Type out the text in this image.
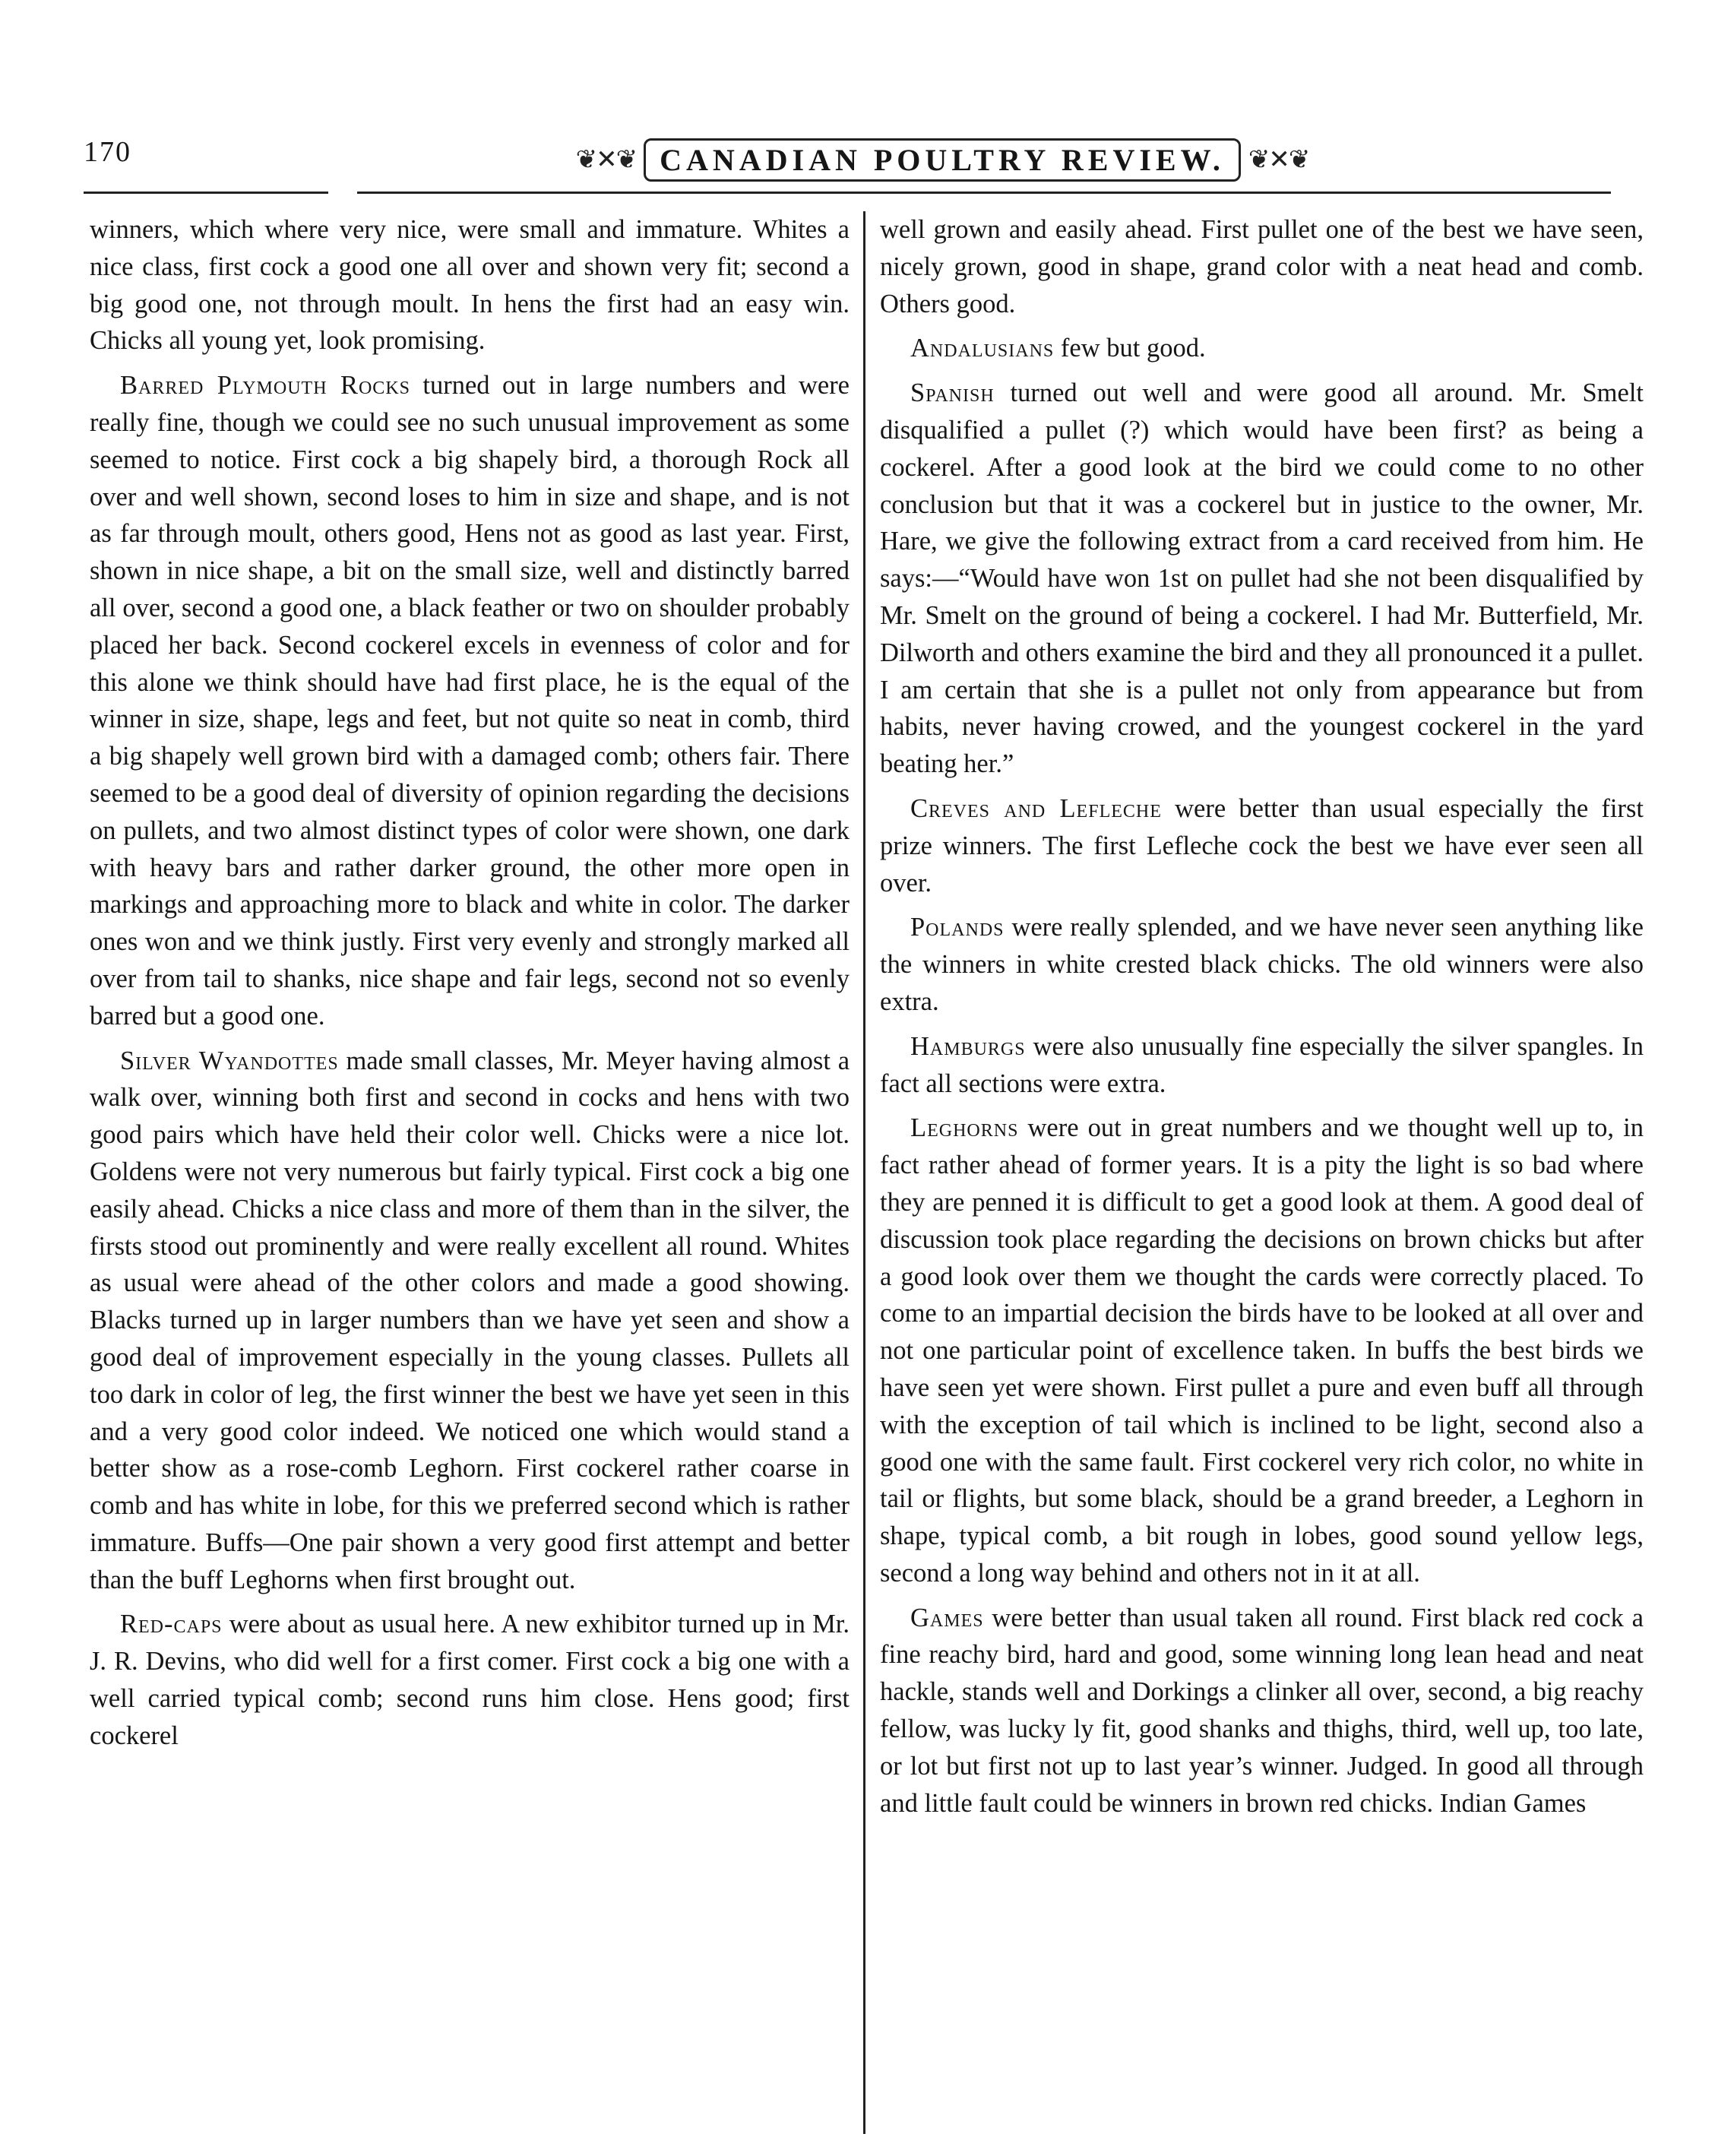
170	❦✕❦ CANADIAN POULTRY REVIEW. ❦✕❦

winners, which where very nice, were small and immature. Whites a nice class, first cock a good one all over and shown very fit; second a big good one, not through moult. In hens the first had an easy win. Chicks all young yet, look promising.

Barred Plymouth Rocks turned out in large numbers and were really fine, though we could see no such unusual improvement as some seemed to notice. First cock a big shapely bird, a thorough Rock all over and well shown, second loses to him in size and shape, and is not as far through moult, others good, Hens not as good as last year. First, shown in nice shape, a bit on the small size, well and distinctly barred all over, second a good one, a black feather or two on shoulder probably placed her back. Second cockerel excels in evenness of color and for this alone we think should have had first place, he is the equal of the winner in size, shape, legs and feet, but not quite so neat in comb, third a big shapely well grown bird with a damaged comb; others fair. There seemed to be a good deal of diversity of opinion regarding the decisions on pullets, and two almost distinct types of color were shown, one dark with heavy bars and rather darker ground, the other more open in markings and approaching more to black and white in color. The darker ones won and we think justly. First very evenly and strongly marked all over from tail to shanks, nice shape and fair legs, second not so evenly barred but a good one.

Silver Wyandottes made small classes, Mr. Meyer having almost a walk over, winning both first and second in cocks and hens with two good pairs which have held their color well. Chicks were a nice lot. Goldens were not very numerous but fairly typical. First cock a big one easily ahead. Chicks a nice class and more of them than in the silver, the firsts stood out prominently and were really excellent all round. Whites as usual were ahead of the other colors and made a good showing. Blacks turned up in larger numbers than we have yet seen and show a good deal of improvement especially in the young classes. Pullets all too dark in color of leg, the first winner the best we have yet seen in this and a very good color indeed. We noticed one which would stand a better show as a rose-comb Leghorn. First cockerel rather coarse in comb and has white in lobe, for this we preferred second which is rather immature. Buffs—One pair shown a very good first attempt and better than the buff Leghorns when first brought out.

Red-caps were about as usual here. A new exhibitor turned up in Mr. J. R. Devins, who did well for a first comer. First cock a big one with a well carried typical comb; second runs him close. Hens good; first cockerel

well grown and easily ahead. First pullet one of the best we have seen, nicely grown, good in shape, grand color with a neat head and comb. Others good.

Andalusians few but good.

Spanish turned out well and were good all around. Mr. Smelt disqualified a pullet (?) which would have been first? as being a cockerel. After a good look at the bird we could come to no other conclusion but that it was a cockerel but in justice to the owner, Mr. Hare, we give the following extract from a card received from him. He says:—“Would have won 1st on pullet had she not been disqualified by Mr. Smelt on the ground of being a cockerel. I had Mr. Butterfield, Mr. Dilworth and others examine the bird and they all pronounced it a pullet. I am certain that she is a pullet not only from appearance but from habits, never having crowed, and the youngest cockerel in the yard beating her.”

Creves and Lefleche were better than usual especially the first prize winners. The first Lefleche cock the best we have ever seen all over.

Polands were really splended, and we have never seen anything like the winners in white crested black chicks. The old winners were also extra.

Hamburgs were also unusually fine especially the silver spangles. In fact all sections were extra.

Leghorns were out in great numbers and we thought well up to, in fact rather ahead of former years. It is a pity the light is so bad where they are penned it is difficult to get a good look at them. A good deal of discussion took place regarding the decisions on brown chicks but after a good look over them we thought the cards were correctly placed. To come to an impartial decision the birds have to be looked at all over and not one particular point of excellence taken. In buffs the best birds we have seen yet were shown. First pullet a pure and even buff all through with the exception of tail which is inclined to be light, second also a good one with the same fault. First cockerel very rich color, no white in tail or flights, but some black, should be a grand breeder, a Leghorn in shape, typical comb, a bit rough in lobes, good sound yellow legs, second a long way behind and others not in it at all.

Games were better than usual taken all round. First black red cock a fine reachy bird, hard and good, some winning long lean head and neat hackle, stands well and Dorkings a clinker all over, second, a big reachy fellow, was lucky ly fit, good shanks and thighs, third, well up, too late, or lot but first not up to last year’s winner. Judged. In good all through and little fault could be winners in brown red chicks. Indian Games
